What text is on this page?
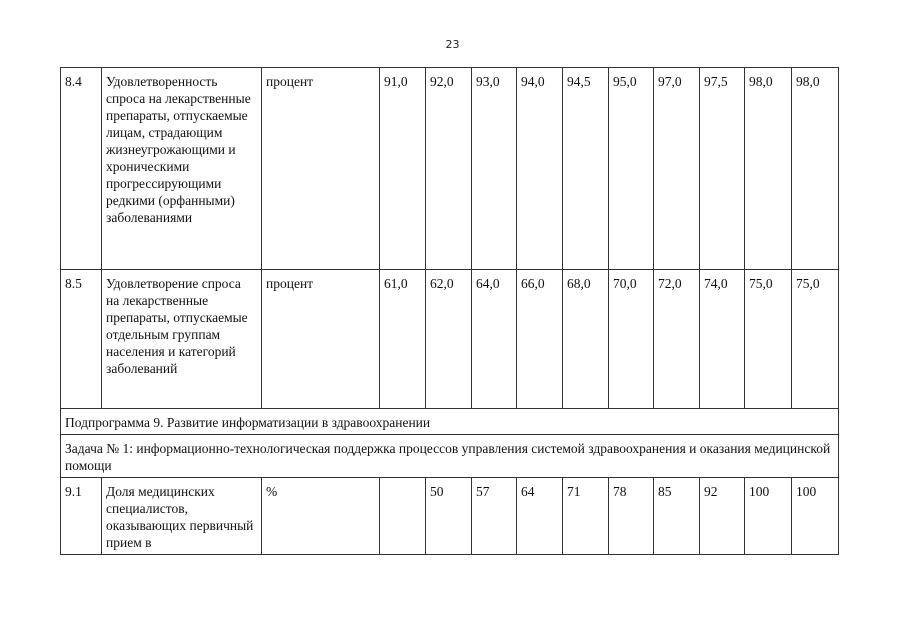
23
8.4	Удовлетворенность спроса на лекарственные препараты, отпускаемые лицам, страдающим жизнеугрожающими и хроническими прогрессирующими редкими (орфанными) заболеваниями	процент	91,0	92,0	93,0	94,0	94,5	95,0	97,0	97,5	98,0	98,0
8.5	Удовлетворение спроса на лекарственные препараты, отпускаемые отдельным группам населения и категорий заболеваний	процент	61,0	62,0	64,0	66,0	68,0	70,0	72,0	74,0	75,0	75,0
Подпрограмма 9. Развитие информатизации в здравоохранении												
Задача № 1: информационно-технологическая поддержка процессов управления системой здравоохранения и оказания медицинской помощи												
9.1	Доля медицинских специалистов, оказывающих первичный прием в	%		50	57	64	71	78	85	92	100	100
